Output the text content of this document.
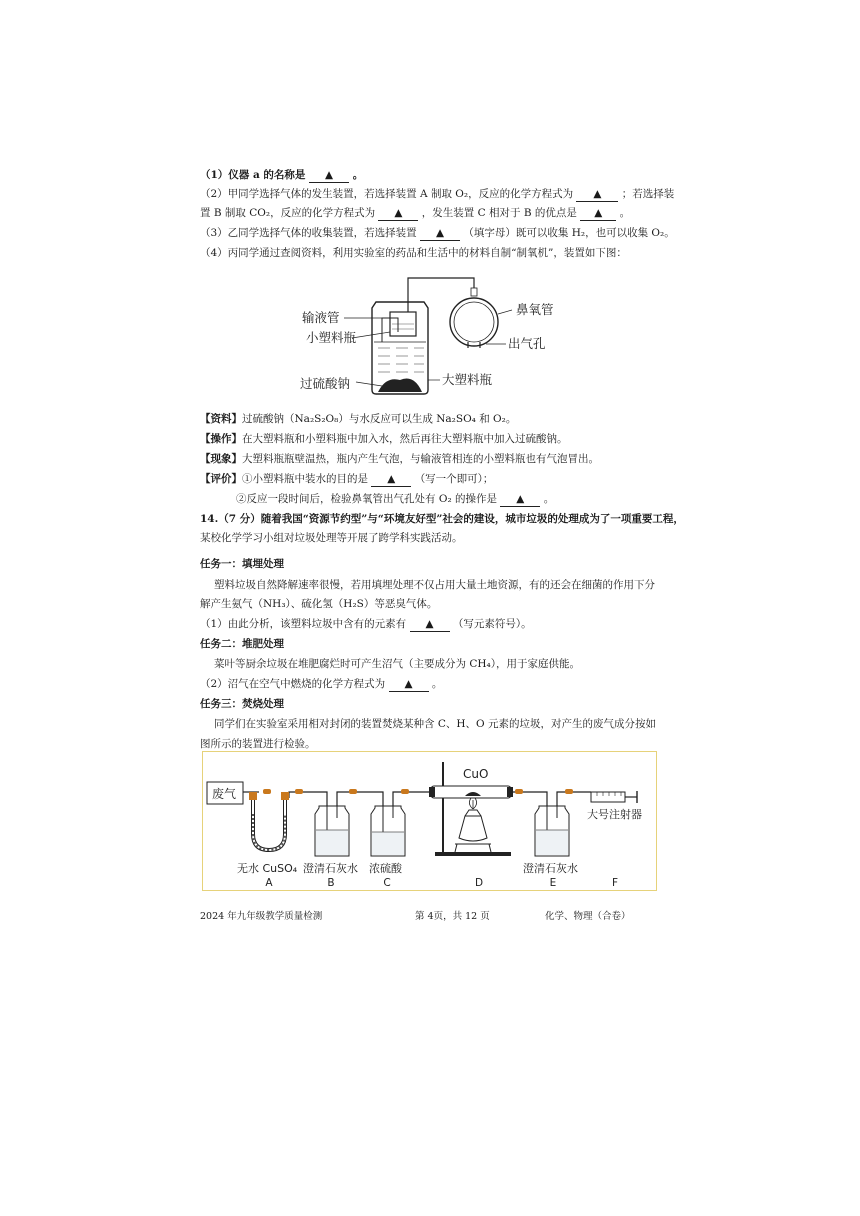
（1）仪器 a 的名称是 ▲ 。
（2）甲同学选择气体的发生装置，若选择装置 A 制取 O₂，反应的化学方程式为 ▲ ；若选择装
置 B 制取 CO₂，反应的化学方程式为 ▲ ，发生装置 C 相对于 B 的优点是 ▲ 。
（3）乙同学选择气体的收集装置，若选择装置 ▲ （填字母）既可以收集 H₂，也可以收集 O₂。
（4）丙同学通过查阅资料，利用实验室的药品和生活中的材料自制“制氧机”，装置如下图：
输液管
小塑料瓶
过硫酸钠	大塑料瓶
鼻氧管
出气孔
【资料】过硫酸钠（Na₂S₂O₈）与水反应可以生成 Na₂SO₄ 和 O₂。
【操作】在大塑料瓶和小塑料瓶中加入水，然后再往大塑料瓶中加入过硫酸钠。
【现象】大塑料瓶瓶壁温热，瓶内产生气泡，与输液管相连的小塑料瓶也有气泡冒出。
【评价】①小塑料瓶中装水的目的是 ▲ （写一个即可）；
②反应一段时间后，检验鼻氧管出气孔处有 O₂ 的操作是 ▲ 。
14.（7 分）随着我国“资源节约型”与“环境友好型”社会的建设，城市垃圾的处理成为了一项重要工程，
某校化学学习小组对垃圾处理等开展了跨学科实践活动。
任务一：填埋处理
塑料垃圾自然降解速率很慢，若用填埋处理不仅占用大量土地资源，有的还会在细菌的作用下分
解产生氨气（NH₃）、硫化氢（H₂S）等恶臭气体。
（1）由此分析，该塑料垃圾中含有的元素有 ▲ （写元素符号）。
任务二：堆肥处理
菜叶等厨余垃圾在堆肥腐烂时可产生沼气（主要成分为 CH₄），用于家庭供能。
（2）沼气在空气中燃烧的化学方程式为 ▲ 。
任务三：焚烧处理
同学们在实验室采用相对封闭的装置焚烧某种含 C、H、O 元素的垃圾，对产生的废气成分按如
图所示的装置进行检验。
废气
CuO
大号注射器
无水 CuSO₄ 澄清石灰水 浓硫酸	澄清石灰水
A	B	C	D	E	F
2024 年九年级教学质量检测	第 4页，共 12 页	化学、物理（合卷）
